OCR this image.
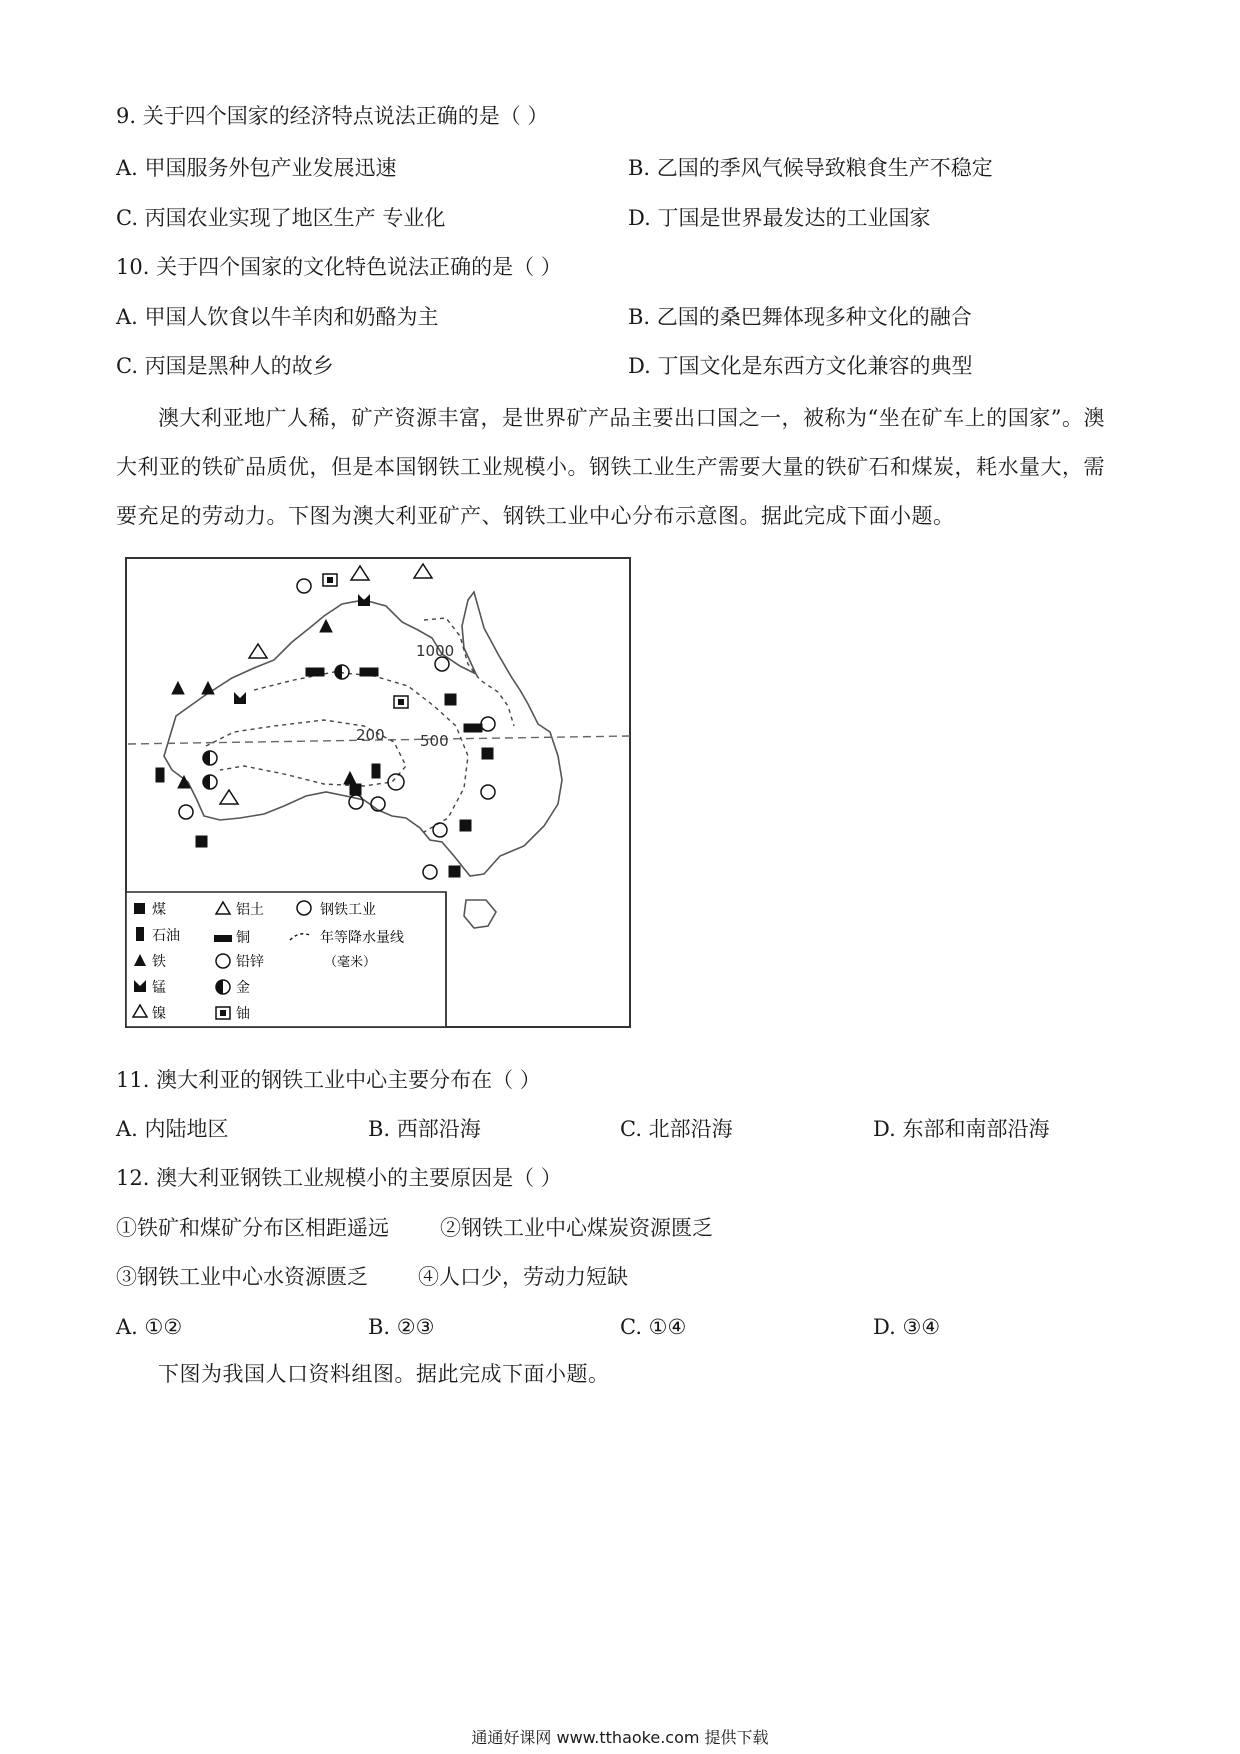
9. 关于四个国家的经济特点说法正确的是（ ）
A. 甲国服务外包产业发展迅速	B. 乙国的季风气候导致粮食生产不稳定
C. 丙国农业实现了地区生产 专业化	D. 丁国是世界最发达的工业国家
10. 关于四个国家的文化特色说法正确的是（ ）
A. 甲国人饮食以牛羊肉和奶酪为主	B. 乙国的桑巴舞体现多种文化的融合
C. 丙国是黑种人的故乡	D. 丁国文化是东西方文化兼容的典型
澳大利亚地广人稀，矿产资源丰富，是世界矿产品主要出口国之一，被称为“坐在矿车上的国家”。澳大利亚的铁矿品质优，但是本国钢铁工业规模小。钢铁工业生产需要大量的铁矿石和煤炭，耗水量大，需要充足的劳动力。下图为澳大利亚矿产、钢铁工业中心分布示意图。据此完成下面小题。
1000
200 500
煤
石油
铁
锰
镍
铝土
铜
铅锌
金
铀
钢铁工业
年等降水量线
（毫米）
11. 澳大利亚的钢铁工业中心主要分布在（ ）
A. 内陆地区	B. 西部沿海	C. 北部沿海	D. 东部和南部沿海
12. 澳大利亚钢铁工业规模小的主要原因是（ ）
①铁矿和煤矿分布区相距遥远 ②钢铁工业中心煤炭资源匮乏
③钢铁工业中心水资源匮乏 ④人口少，劳动力短缺
A. ①②	B. ②③	C. ①④	D. ③④
下图为我国人口资料组图。据此完成下面小题。
通通好课网 www.tthaoke.com 提供下载
